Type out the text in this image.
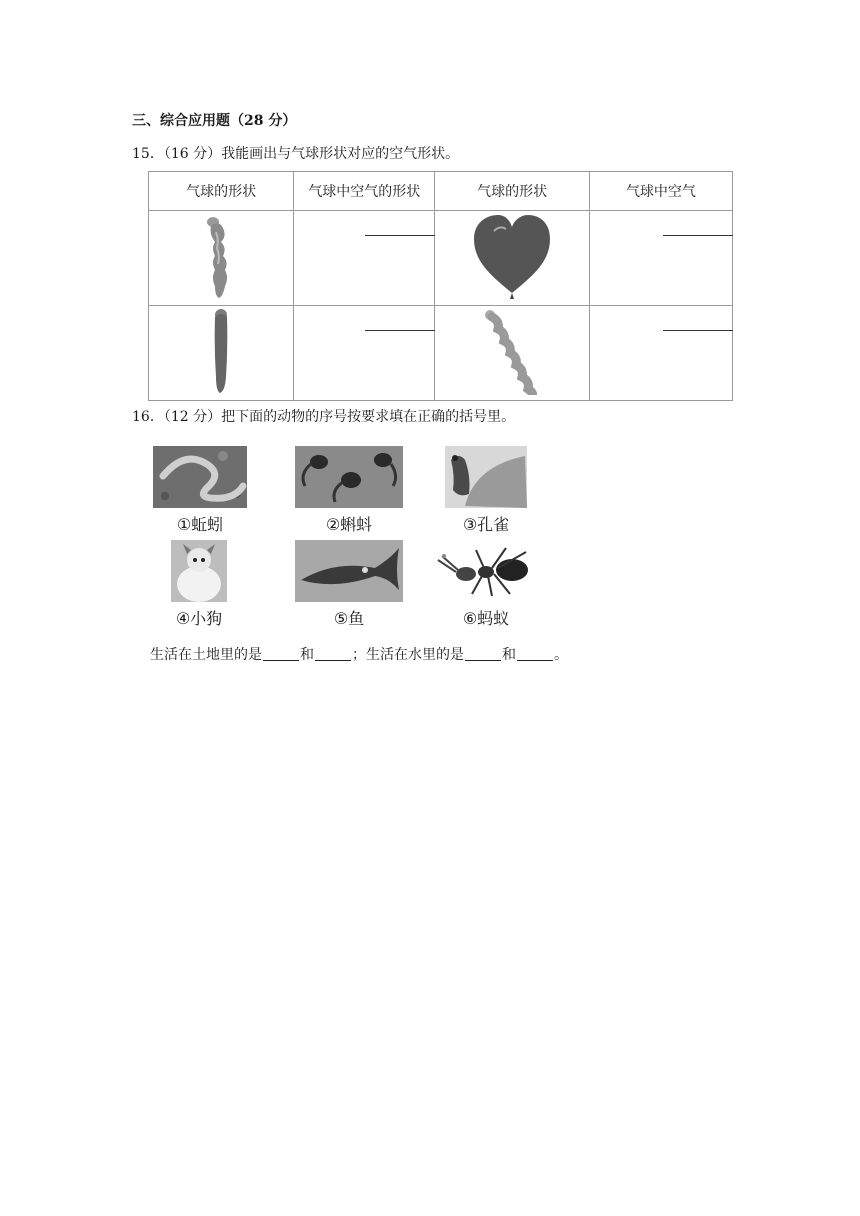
三、综合应用题（28 分）
15．（16 分）我能画出与气球形状对应的空气形状。
气球的形状	气球中空气的形状	气球的形状	气球中空气

16．（12 分）把下面的动物的序号按要求填在正确的括号里。
①蚯蚓	②蝌蚪	③孔雀
④小狗	⑤鱼	⑥蚂蚁
生活在土地里的是	和	；生活在水里的是	和	。
